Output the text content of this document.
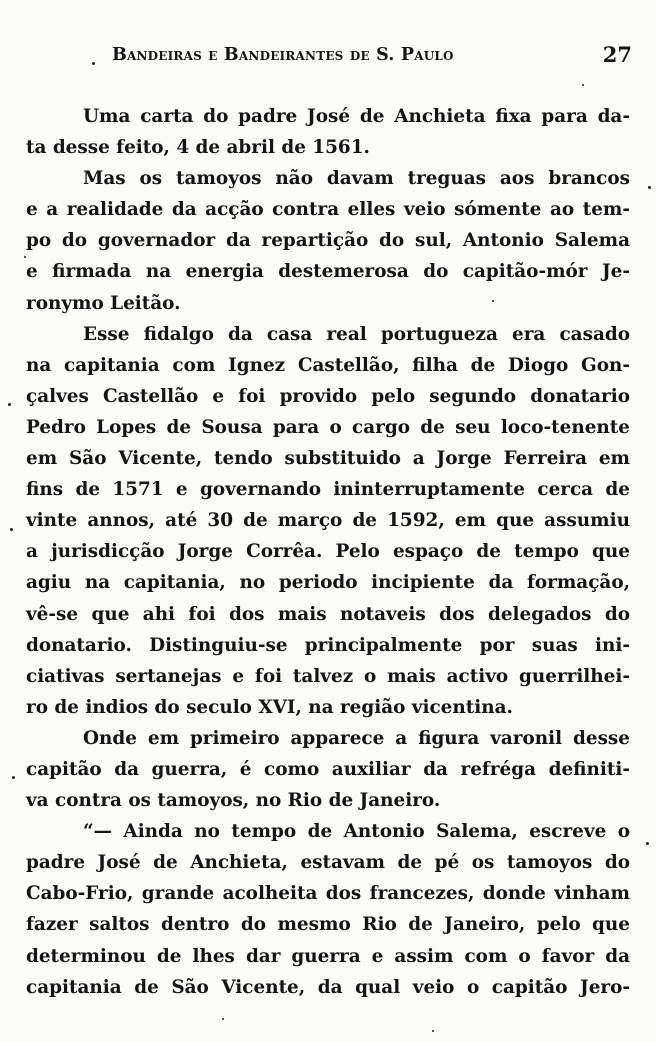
Bandeiras e Bandeirantes de S. Paulo	27

Uma carta do padre José de Anchieta fixa para da-
ta desse feito, 4 de abril de 1561.

Mas os tamoyos não davam treguas aos brancos
e a realidade da acção contra elles veio sómente ao tem-
po do governador da repartição do sul, Antonio Salema
e firmada na energia destemerosa do capitão-mór Je-
ronymo Leitão.

Esse fidalgo da casa real portugueza era casado
na capitania com Ignez Castellão, filha de Diogo Gon-
çalves Castellão e foi provido pelo segundo donatario
Pedro Lopes de Sousa para o cargo de seu loco-tenente
em São Vicente, tendo substituido a Jorge Ferreira em
fins de 1571 e governando ininterruptamente cerca de
vinte annos, até 30 de março de 1592, em que assumiu
a jurisdicção Jorge Corrêa. Pelo espaço de tempo que
agiu na capitania, no periodo incipiente da formação,
vê-se que ahi foi dos mais notaveis dos delegados do
donatario. Distinguiu-se principalmente por suas ini-
ciativas sertanejas e foi talvez o mais activo guerrilhei-
ro de indios do seculo XVI, na região vicentina.

Onde em primeiro apparece a figura varonil desse
capitão da guerra, é como auxiliar da refréga definiti-
va contra os tamoyos, no Rio de Janeiro.

“— Ainda no tempo de Antonio Salema, escreve o
padre José de Anchieta, estavam de pé os tamoyos do
Cabo-Frio, grande acolheita dos francezes, donde vinham
fazer saltos dentro do mesmo Rio de Janeiro, pelo que
determinou de lhes dar guerra e assim com o favor da
capitania de São Vicente, da qual veio o capitão Jero-
